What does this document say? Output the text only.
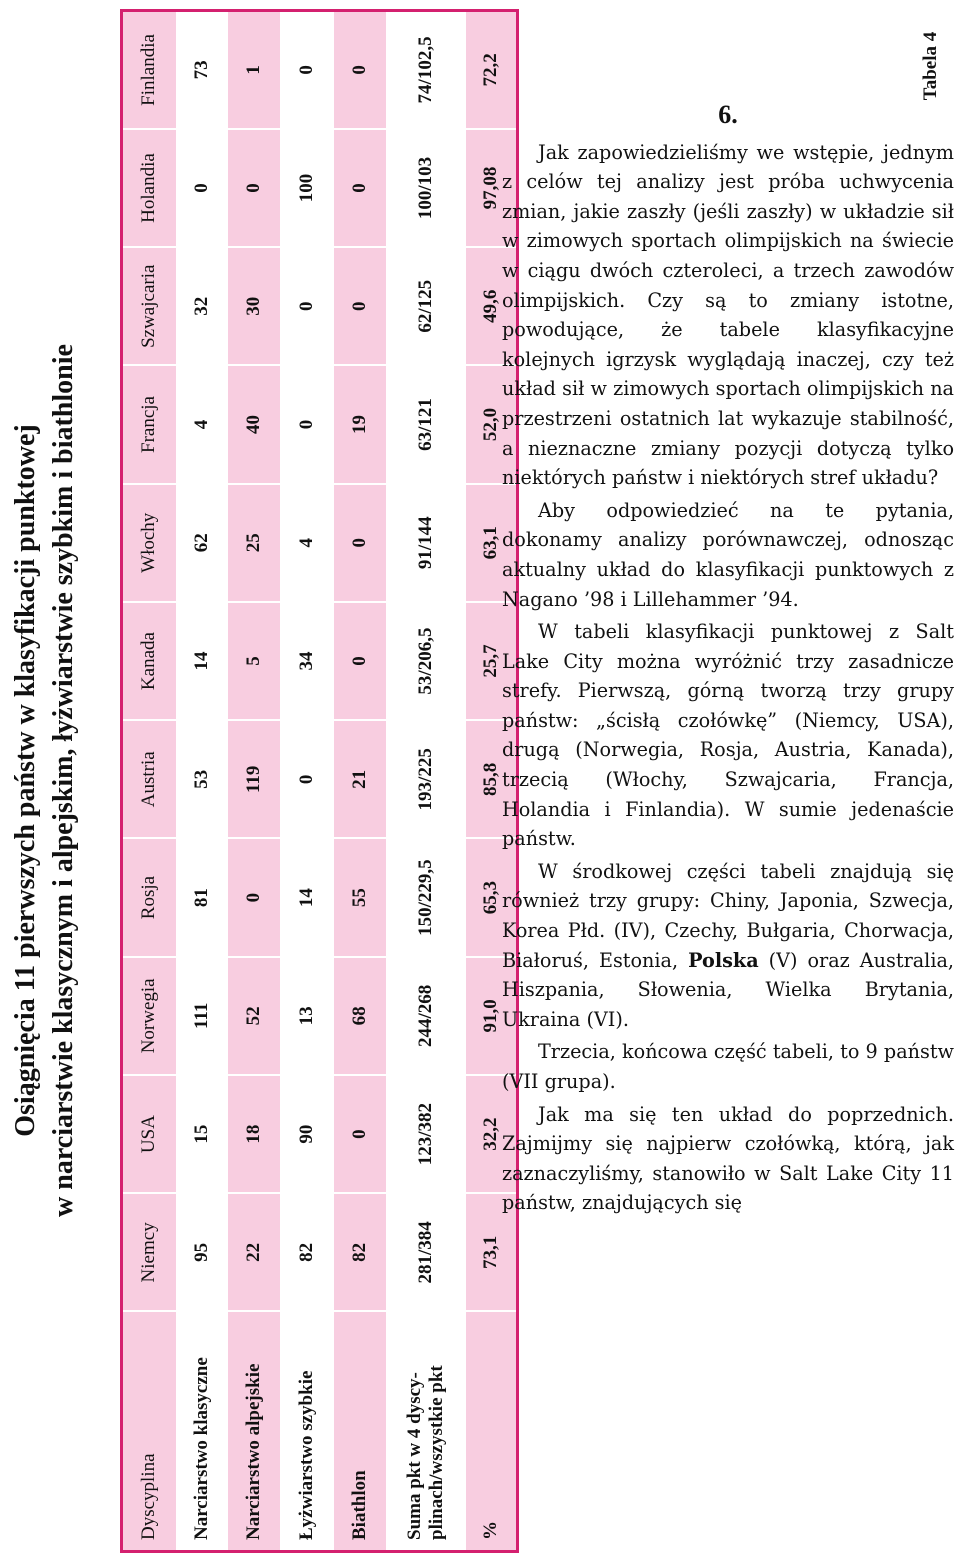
Tabela 4
Osiągnięcia 11 pierwszych państw w klasyfikacji punktowej w narciarstwie klasycznym i alpejskim, łyżwiarstwie szybkim i biathlonie
Dyscyplina	Niemcy	USA	Norwegia	Rosja	Austria	Kanada	Włochy	Francja	Szwajcaria	Holandia	Finlandia
Narciarstwo klasyczne	95	15	111	81	53	14	62	4	32	0	73
Narciarstwo alpejskie	22	18	52	0	119	5	25	40	30	0	1
Łyżwiarstwo szybkie	82	90	13	14	0	34	4	0	0	100	0
Biathlon	82	0	68	55	21	0	0	19	0	0	0

Suma pkt w 4 dyscy- plinach/wszystkie pkt	281/384	123/382	244/268	150/229,5	193/225	53/206,5	91/144	63/121	62/125	100/103	74/102,5
%	73,1	32,2	91,0	65,3	85,8	25,7	63,1	52,0	49,6	97,08	72,2
6.

Jak zapowiedzieliśmy we wstępie, jednym z celów tej analizy jest próba uchwycenia zmian, jakie zaszły (jeśli zaszły) w układzie sił w zimowych sportach olimpijskich na świecie w ciągu dwóch czteroleci, a trzech zawodów olimpijskich. Czy są to zmiany istotne, powodujące, że tabele klasyfikacyjne kolejnych igrzysk wyglądają inaczej, czy też układ sił w zimowych sportach olimpijskich na przestrzeni ostatnich lat wykazuje stabilność, a nieznaczne zmiany pozycji dotyczą tylko niektórych państw i niektórych stref układu?

Aby odpowiedzieć na te pytania, dokonamy analizy porównawczej, odnosząc aktualny układ do klasyfikacji punktowych z Nagano ’98 i Lillehammer ’94.

W tabeli klasyfikacji punktowej z Salt Lake City można wyróżnić trzy zasadnicze strefy. Pierwszą, górną tworzą trzy grupy państw: „ścisłą czołówkę” (Niemcy, USA), drugą (Norwegia, Rosja, Austria, Kanada), trzecią (Włochy, Szwajcaria, Francja, Holandia i Finlandia). W sumie jedenaście państw.

W środkowej części tabeli znajdują się również trzy grupy: Chiny, Japonia, Szwecja, Korea Płd. (IV), Czechy, Bułgaria, Chorwacja, Białoruś, Estonia, Polska (V) oraz Australia, Hiszpania, Słowenia, Wielka Brytania, Ukraina (VI).

Trzecia, końcowa część tabeli, to 9 państw (VII grupa).

Jak ma się ten układ do poprzednich. Zajmijmy się najpierw czołówką, którą, jak zaznaczyliśmy, stanowiło w Salt Lake City 11 państw, znajdujących się
